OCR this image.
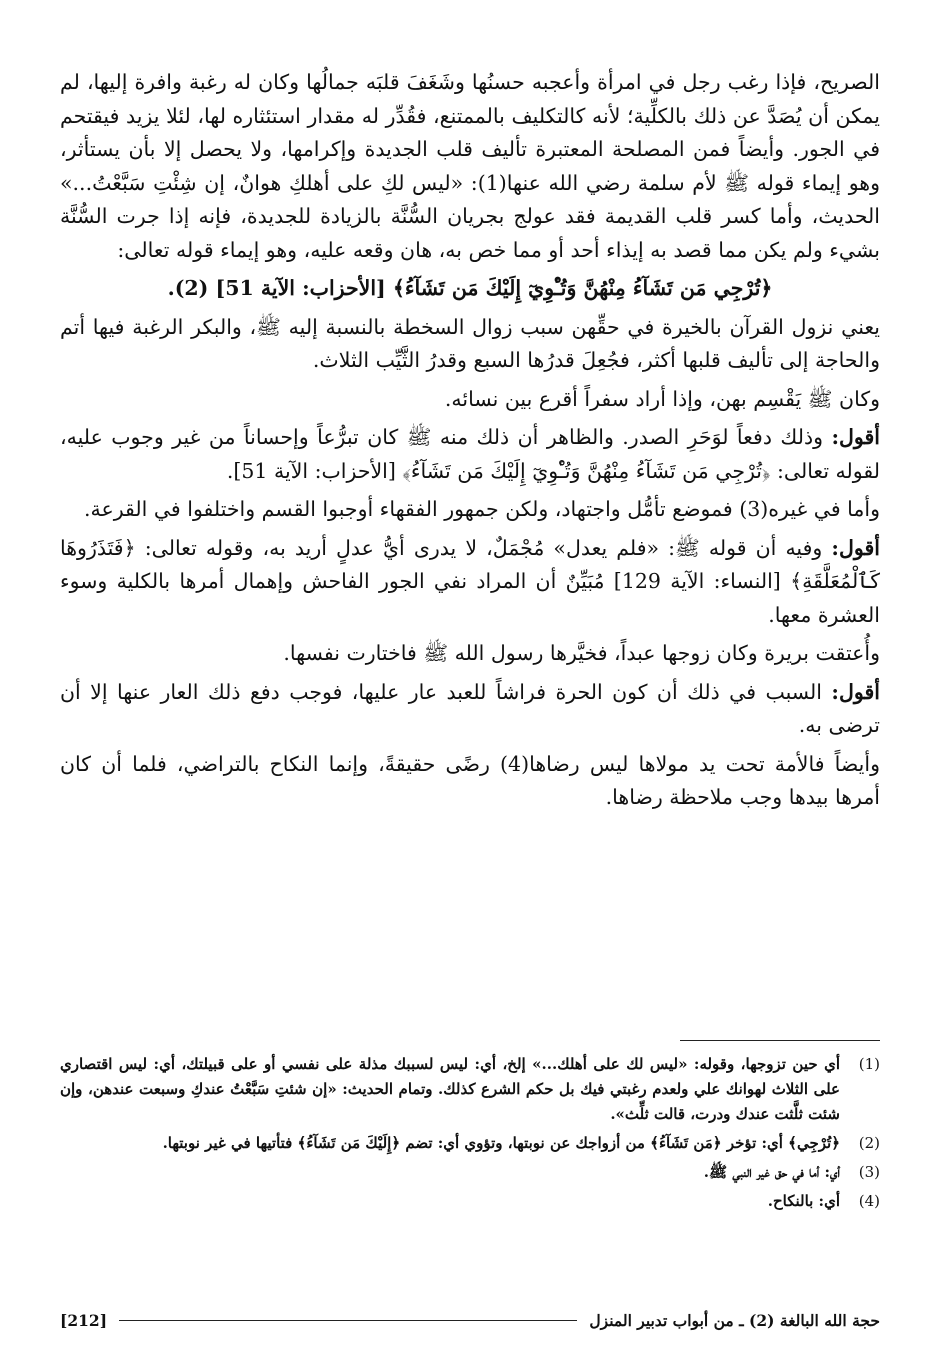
الصريح، فإذا رغب رجل في امرأة وأعجبه حسنُها وشَغَفَ قلبَه جمالُها وكان له رغبة وافرة إليها، لم يمكن أن يُصَدَّ عن ذلك بالكلِّية؛ لأنه كالتكليف بالممتنع، فقُدِّر له مقدار استئثاره لها، لئلا يزيد فيقتحم في الجور. وأيضاً فمن المصلحة المعتبرة تأليف قلب الجديدة وإكرامها، ولا يحصل إلا بأن يستأثر، وهو إيماء قوله ﷺ لأم سلمة رضي الله عنها(1): «ليس لكِ على أهلكِ هوانٌ، إن شِئْتِ سَبَّعْتُ...» الحديث، وأما كسر قلب القديمة فقد عولج بجريان السُّنَّة بالزيادة للجديدة، فإنه إذا جرت السُّنَّة بشيء ولم يكن مما قصد به إيذاء أحد أو مما خص به، هان وقعه عليه، وهو إيماء قوله تعالى:

﴿تُرْجِي مَن تَشَآءُ مِنْهُنَّ وَتُـْٔوِيٓ إِلَيْكَ مَن تَشَآءُ﴾ [الأحزاب: الآية 51] (2).

يعني نزول القرآن بالخيرة في حقِّهن سبب زوال السخطة بالنسبة إليه ﷺ، والبكر الرغبة فيها أتم والحاجة إلى تأليف قلبها أكثر، فجُعِلَ قدرُها السبع وقدرُ الثَّيِّب الثلاث.

وكان ﷺ يَقْسِم بهن، وإذا أراد سفراً أقرع بين نسائه.

أقول: وذلك دفعاً لوَحَرِ الصدر. والظاهر أن ذلك منه ﷺ كان تبرُّعاً وإحساناً من غير وجوب عليه، لقوله تعالى: ﴿تُرْجِي مَن تَشَآءُ مِنْهُنَّ وَتُـْٔوِيٓ إِلَيْكَ مَن تَشَآءُ﴾ [الأحزاب: الآية 51].

وأما في غيره(3) فموضع تأمُّل واجتهاد، ولكن جمهور الفقهاء أوجبوا القسم واختلفوا في القرعة.

أقول: وفيه أن قوله ﷺ: «فلم يعدل» مُجْمَلٌ، لا يدرى أيُّ عدلٍ أريد به، وقوله تعالى: ﴿فَتَذَرُوهَا كَٱلْمُعَلَّقَةِ﴾ [النساء: الآية 129] مُبَيِّنٌ أن المراد نفي الجور الفاحش وإهمال أمرها بالكلية وسوء العشرة معها.

وأُعتقت بريرة وكان زوجها عبداً، فخيَّرها رسول الله ﷺ فاختارت نفسها.

أقول: السبب في ذلك أن كون الحرة فراشاً للعبد عار عليها، فوجب دفع ذلك العار عنها إلا أن ترضى به.

وأيضاً فالأمة تحت يد مولاها ليس رضاها(4) رضًى حقيقةً، وإنما النكاح بالتراضي، فلما أن كان أمرها بيدها وجب ملاحظة رضاها.

(1)
أي حين تزوجها، وقوله: «ليس لك على أهلك...» إلخ، أي: ليس لسببك مذلة على نفسي أو على قبيلتك، أي: ليس اقتصاري على الثلاث لهوانك علي ولعدم رغبتي فيك بل حكم الشرع كذلك. وتمام الحديث: «إن شئتِ سَبَّعْتُ عندكِ وسبعت عندهن، وإن شئت ثلَّثت عندك ودرت، قالت ثلِّث».
(2)
﴿تُرْجِي﴾ أي: تؤخر ﴿مَن تَشَآءُ﴾ من أزواجك عن نوبتها، وتؤوي أي: تضم ﴿إِلَيْكَ مَن تَشَآءُ﴾ فتأتيها في غير نوبتها.
(3)
أي: أما في حق غير النبي ﷺ.
(4)
أي: بالنكاح.
حجة الله البالغة (2) ـ من أبواب تدبير المنزل
[212]
